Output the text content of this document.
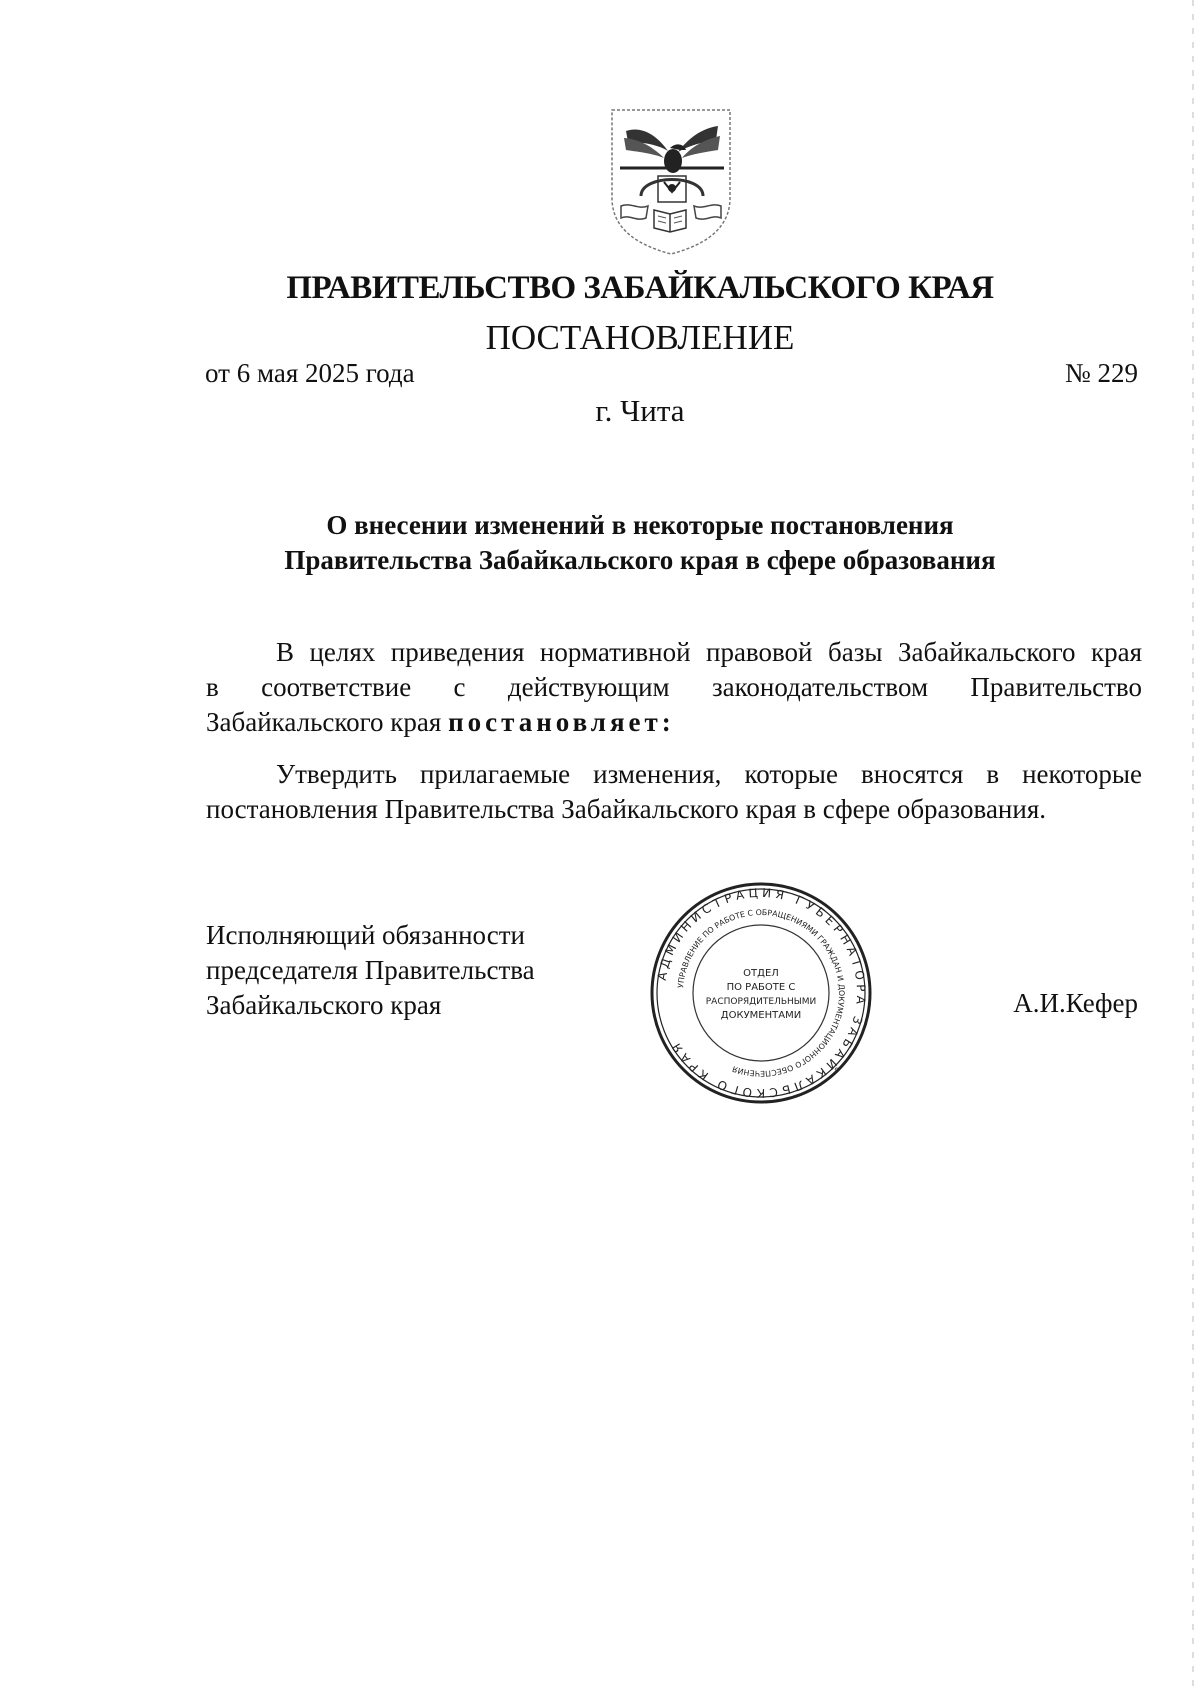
ПРАВИТЕЛЬСТВО ЗАБАЙКАЛЬСКОГО КРАЯ
ПОСТАНОВЛЕНИЕ
от 6 мая 2025 года	№ 229
г. Чита
О внесении изменений в некоторые постановления
Правительства Забайкальского края в сфере образования
В целях приведения нормативной правовой базы Забайкальского края
в соответствие с действующим законодательством Правительство
Забайкальского края постановляет:
Утвердить прилагаемые изменения, которые вносятся в некоторые
постановления Правительства Забайкальского края в сфере образования.
Исполняющий обязанности
председателя Правительства
Забайкальского края	А.И.Кефер
АДМИНИСТРАЦИЯ ГУБЕРНАТОРА ЗАБАЙКАЛЬСКОГО КРАЯ
УПРАВЛЕНИЕ ПО РАБОТЕ С ОБРАЩЕНИЯМИ ГРАЖДАН И ДОКУМЕНТАЦИОННОГО ОБЕСПЕЧЕНИЯ
ОТДЕЛ
ПО РАБОТЕ С
РАСПОРЯДИТЕЛЬНЫМИ
ДОКУМЕНТАМИ
